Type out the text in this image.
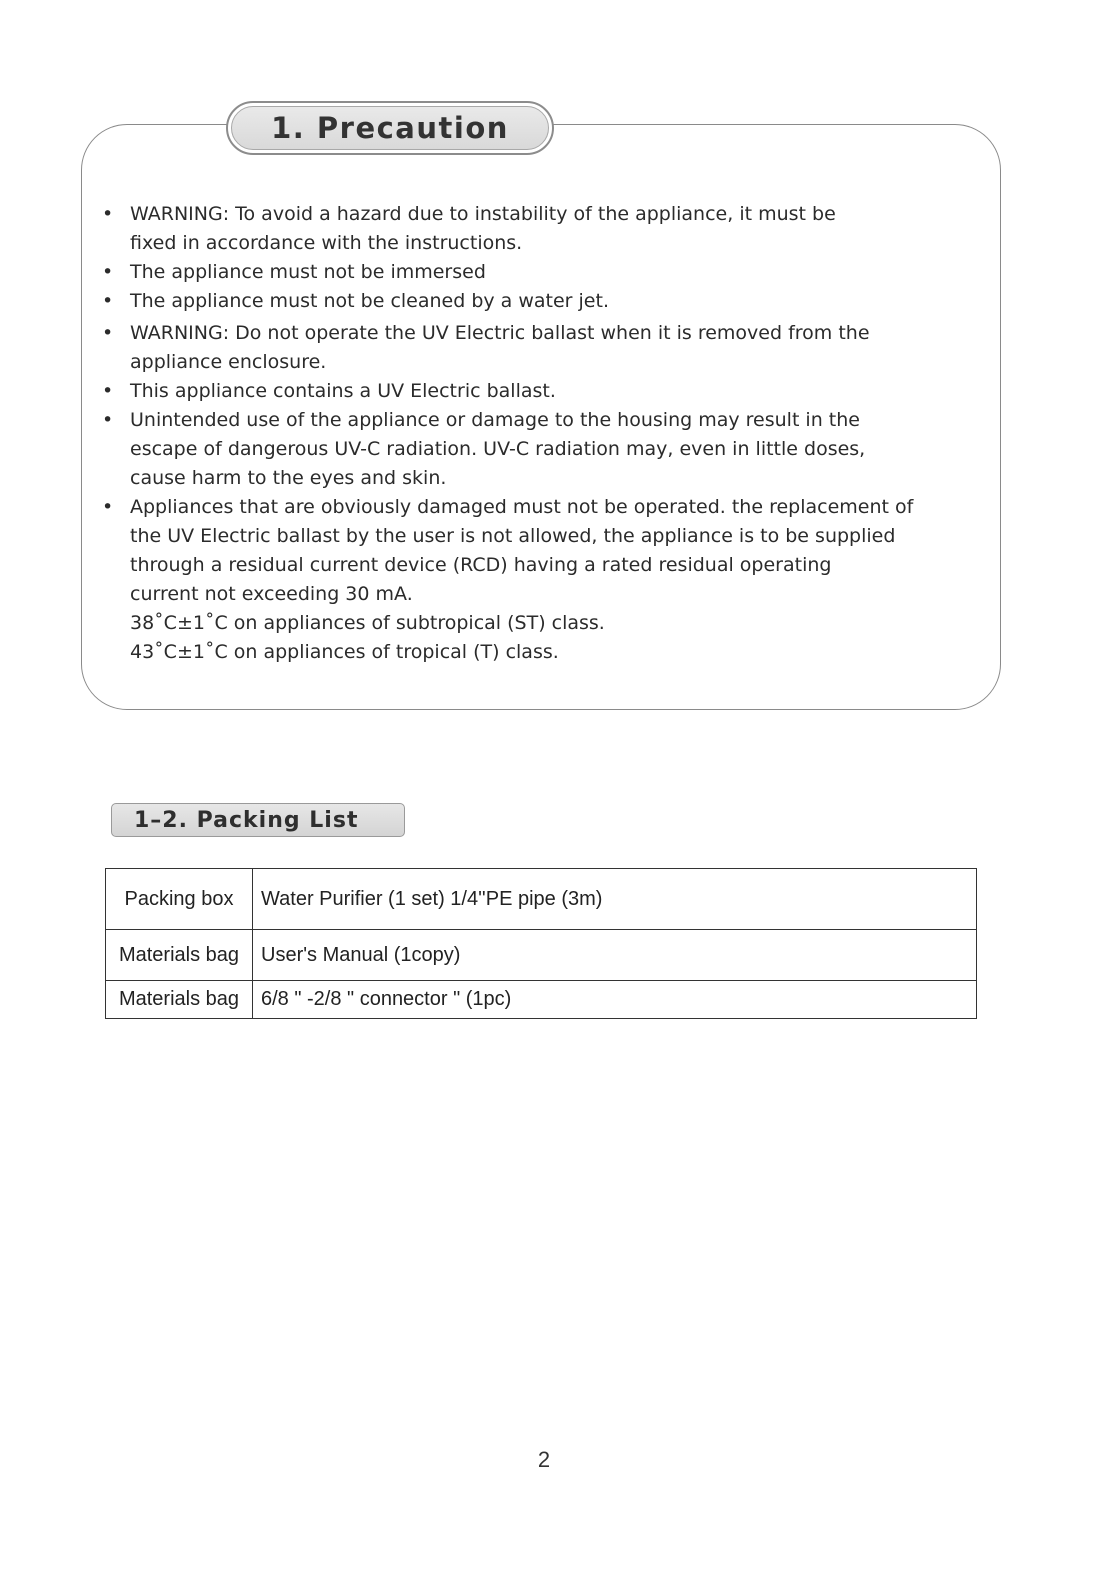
1. Precaution
• WARNING: To avoid a hazard due to instability of the appliance, it must be
fixed in accordance with the instructions.
• The appliance must not be immersed
• The appliance must not be cleaned by a water jet.
• WARNING: Do not operate the UV Electric ballast when it is removed from the
appliance enclosure.
• This appliance contains a UV Electric ballast.
• Unintended use of the appliance or damage to the housing may result in the
escape of dangerous UV-C radiation. UV-C radiation may, even in little doses,
cause harm to the eyes and skin.
• Appliances that are obviously damaged must not be operated. the replacement of
the UV Electric ballast by the user is not allowed, the appliance is to be supplied
through a residual current device (RCD) having a rated residual operating
current not exceeding 30 mA.
38˚C±1˚C on appliances of subtropical (ST) class.
43˚C±1˚C on appliances of tropical (T) class.
1–2. Packing List
Packing box	Water Purifier (1 set) 1/4''PE pipe (3m)
Materials bag	User's Manual (1copy)
Materials bag	6/8 " -2/8 " connector " (1pc)
2
